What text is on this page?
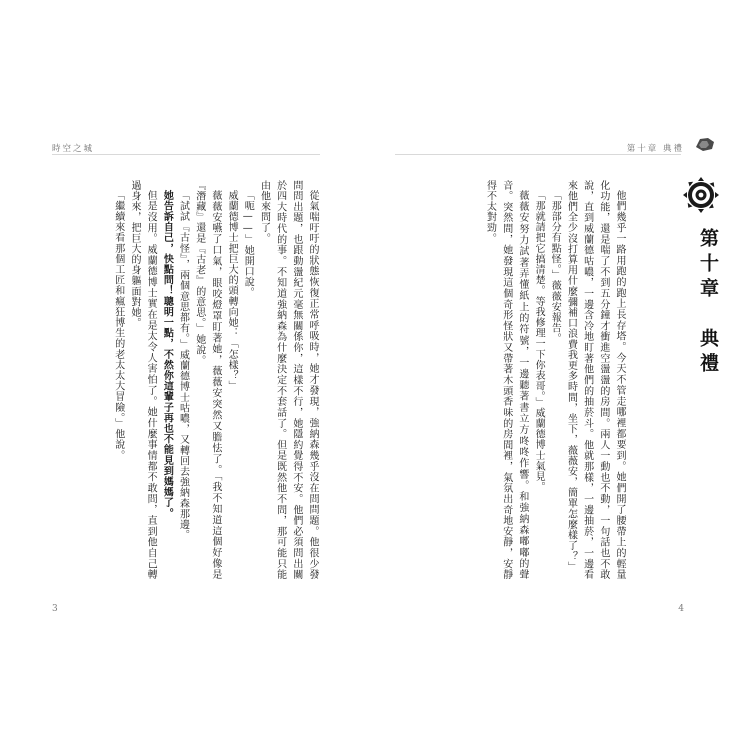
時空之城

從氣喘吁吁的狀態恢復正常呼吸時，她才發現，強納森幾乎沒在問問題。他很少發問問出題，也跟動盪紀元毫無關係你，這樣不行，她隱約覺得不安。他們必須問出關於四大時代的事。不知道強納森為什麼決定不套話了。但是既然他不問，那可能只能由他來問了。

「呃——」她開口說。

威蘭德博士把巨大的頭轉向她：「怎樣？」

薇薇安嚥了口氣，眼咬燈罩盯著她，薇薇安突然又膽怯了。「我不知道這個好像是『潛藏』還是『古老』的意思。」她說。

「試試『古怪』，兩個意思都有。」威蘭德博士咕噥，又轉回去強納森那邊。

她告訴自己，快點問！聰明一點，不然你這輩子再也不能見到媽媽了。

但是沒用。威蘭德博士實在是太令人害怕了。她什麼事情都不敢問，直到他自己轉過身來，把巨大的身軀面對她。

「繼續來看那個工匠和瘋狂博生的老太太大冒險。」他說。

3
第十章 典禮
第十章　典禮

他們幾乎一路用跑的跑上長存塔。今天不管走哪裡都要到。她們開了腰帶上的輕量化功能，還是喘了不到五分鐘才衝進空盪盪的房間。兩人一動也不動，一句話也不敢說，直到威蘭德咕噥，一邊含冷地盯著他們的抽菸斗。他就那樣，一邊抽菸，一邊看來他們全少沒打算用什麼彌補口浪費我更多時間，坐下，薇薇安，簡單怎麼樣了？」

「那部分有點怪。」薇薇安報告。

「那就請把它搞清楚。等我修理一下你表哥。」威蘭德博士氣見。

薇薇安努力試著弄懂紙上的符號，一邊聽著書立方咚咚作響。和強納森嘟嘟的聲音。突然間，她發現這個奇形怪狀又帶著木頭香味的房間裡，氣氛出奇地安靜，安靜得不太對勁。

4
